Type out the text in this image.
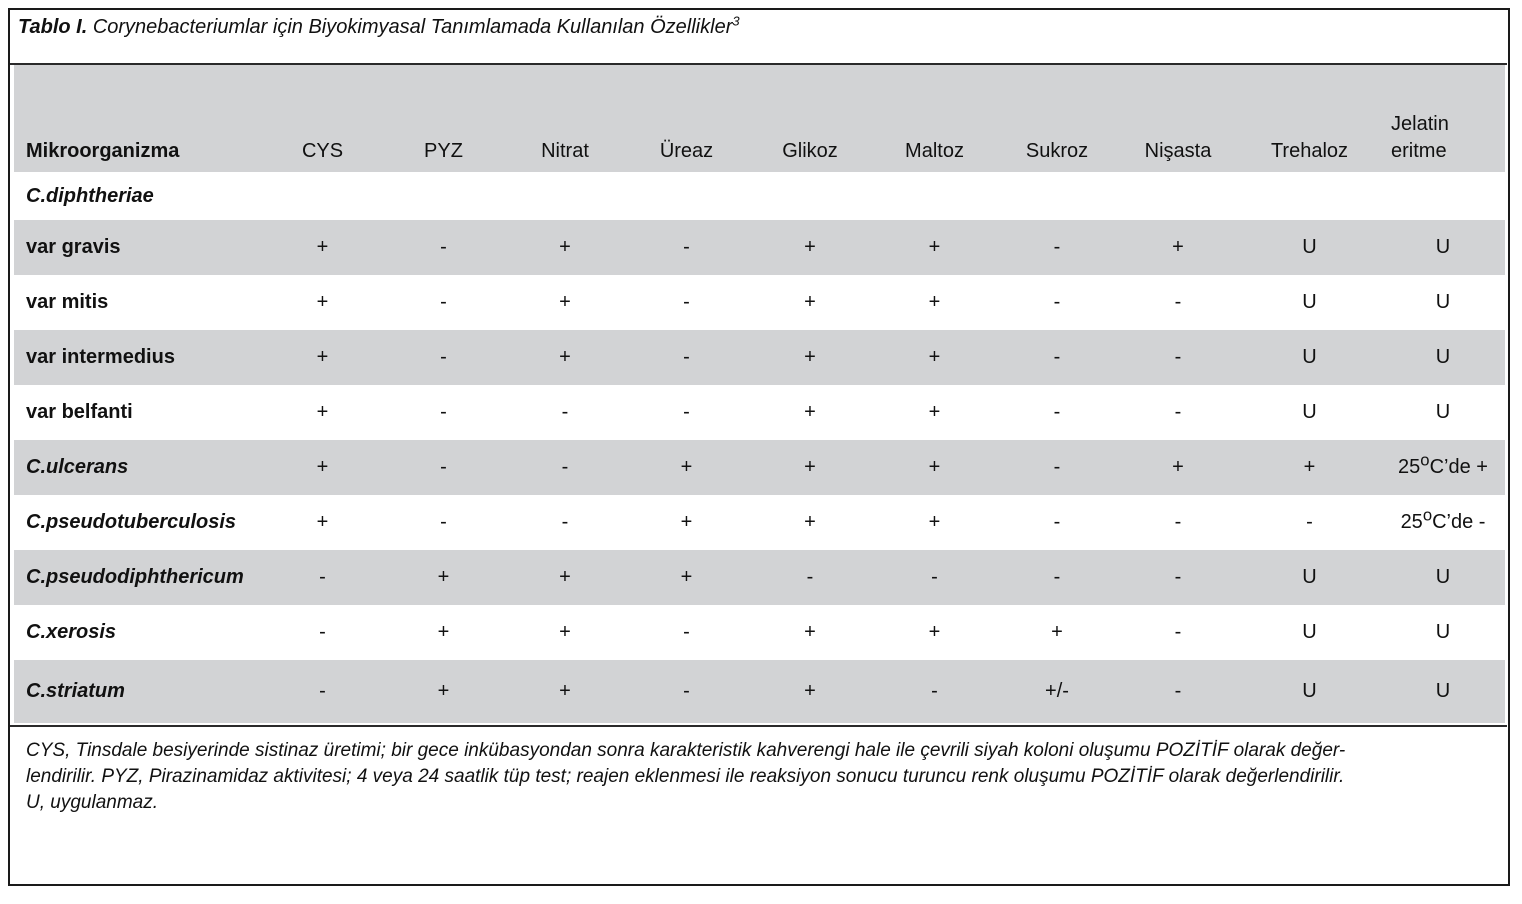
Tablo I. Corynebacteriumlar için Biyokimyasal Tanımlamada Kullanılan Özellikler$^3$
Mikroorganizma	CYS	PYZ	Nitrat	Üreaz	Glikoz	Maltoz	Sukroz	Nişasta	Trehaloz	Jelatin
eritme
C.diphtheriae										
var gravis	+	-	+	-	+	+	-	+	U	U
var mitis	+	-	+	-	+	+	-	-	U	U
var intermedius	+	-	+	-	+	+	-	-	U	U
var belfanti	+	-	-	-	+	+	-	-	U	U
C.ulcerans	+	-	-	+	+	+	-	+	+	$25^oC’de$ +
C.pseudotuberculosis	+	-	-	+	+	+	-	-	-	25$^o$C’de -
C.pseudodiphthericum	-	+	+	+	-	-	-	-	U	U
C.xerosis	-	+	+	-	+	+	+	-	U	U
C.striatum	-	+	+	-	+	-	+/-	-	U	U
CYS, Tinsdale besiyerinde sistinaz üretimi; bir gece inkübasyondan sonra karakteristik kahverengi hale ile çevrili siyah koloni oluşumu POZİTİF olarak değer-
lendirilir. PYZ, Pirazinamidaz aktivitesi; 4 veya 24 saatlik tüp test; reajen eklenmesi ile reaksiyon sonucu turuncu renk oluşumu POZİTİF olarak değerlendirilir.
U, uygulanmaz.
